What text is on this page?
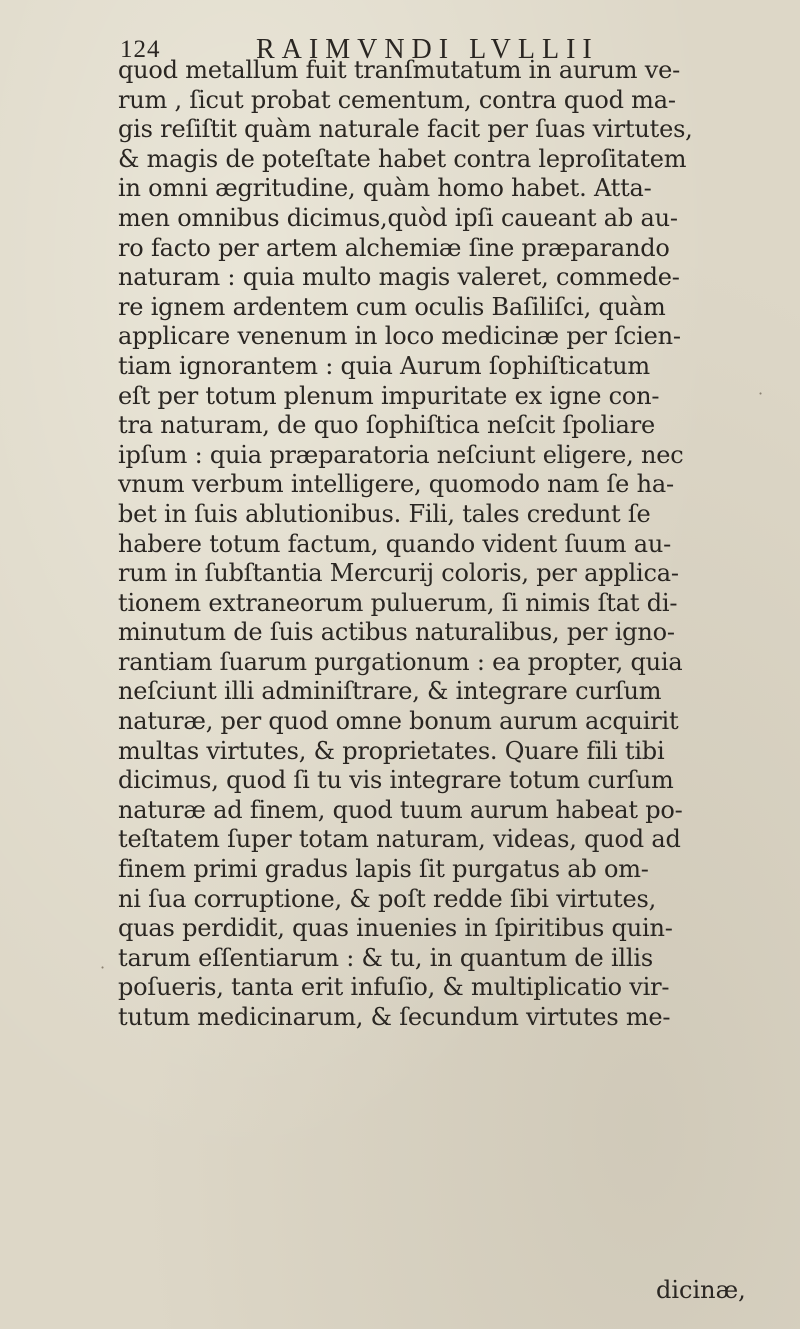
124	RAIMVNDI LVLLII
quod metallum fuit tranſmutatum in aurum ve-
rum , ſicut probat cementum, contra quod ma-
gis reſiſtit quàm naturale facit per ſuas virtutes,
& magis de poteſtate habet contra leproſitatem
in omni ægritudine, quàm homo habet. Atta-
men omnibus dicimus,quòd ipſi caueant ab au-
ro facto per artem alchemiæ ſine præparando
naturam : quia multo magis valeret, commede-
re ignem ardentem cum oculis Baſiliſci, quàm
applicare venenum in loco medicinæ per ſcien-
tiam ignorantem : quia Aurum ſophiſticatum
eſt per totum plenum impuritate ex igne con-
tra naturam, de quo ſophiſtica neſcit ſpoliare
ipſum : quia præparatoria neſciunt eligere, nec
vnum verbum intelligere, quomodo nam ſe ha-
bet in ſuis ablutionibus. Fili, tales credunt ſe
habere totum factum, quando vident ſuum au-
rum in ſubſtantia Mercurij coloris, per applica-
tionem extraneorum puluerum, ſi nimis ſtat di-
minutum de ſuis actibus naturalibus, per igno-
rantiam ſuarum purgationum : ea propter, quia
neſciunt illi adminiſtrare, & integrare curſum
naturæ, per quod omne bonum aurum acquirit
multas virtutes, & proprietates. Quare fili tibi
dicimus, quod ſi tu vis integrare totum curſum
naturæ ad finem, quod tuum aurum habeat po-
teſtatem ſuper totam naturam, videas, quod ad
finem primi gradus lapis ſit purgatus ab om-
ni ſua corruptione, & poſt redde ſibi virtutes,
quas perdidit, quas inuenies in ſpiritibus quin-
tarum eſſentiarum : & tu, in quantum de illis
poſueris, tanta erit infuſio, & multiplicatio vir-
tutum medicinarum, & ſecundum virtutes me-
dicinæ,
·
·
